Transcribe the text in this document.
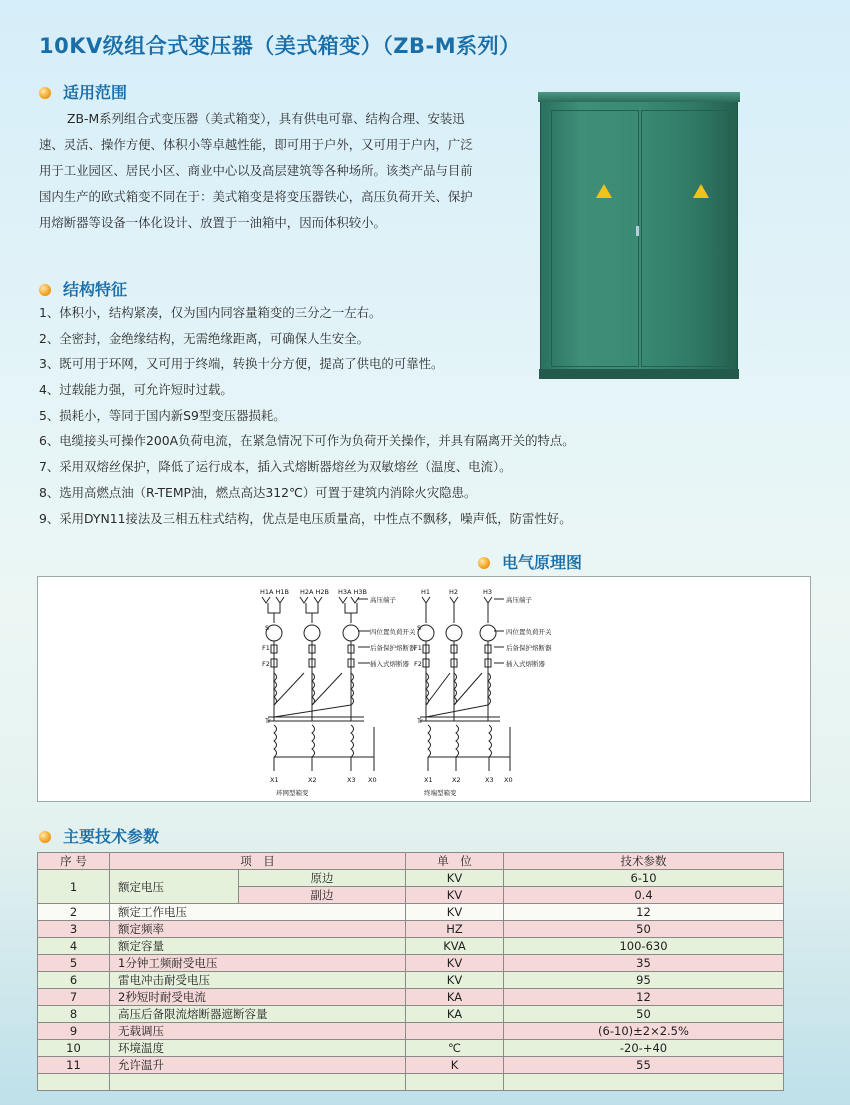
10KV级组合式变压器（美式箱变）（ZB-M系列）
适用范围
ZB-M系列组合式变压器（美式箱变），具有供电可靠、结构合理、安装迅速、灵活、操作方便、体积小等卓越性能，即可用于户外，又可用于户内，广泛用于工业园区、居民小区、商业中心以及高层建筑等各种场所。该类产品与目前国内生产的欧式箱变不同在于：美式箱变是将变压器铁心，高压负荷开关、保护用熔断器等设备一体化设计、放置于一油箱中，因而体积较小。
结构特征
1、体积小，结构紧凑，仅为国内同容量箱变的三分之一左右。
2、全密封，金绝缘结构，无需绝缘距离，可确保人生安全。
3、既可用于环网，又可用于终端，转换十分方便，提高了供电的可靠性。
4、过载能力强，可允许短时过载。
5、损耗小，等同于国内新S9型变压器损耗。
6、电缆接头可操作200A负荷电流，在紧急情况下可作为负荷开关操作，并具有隔离开关的特点。
7、采用双熔丝保护，降低了运行成本，插入式熔断器熔丝为双敏熔丝（温度、电流）。
8、选用高燃点油（R-TEMP油，燃点高达312℃）可置于建筑内消除火灾隐患。
9、采用DYN11接法及三相五柱式结构，优点是电压质量高，中性点不飘移，噪声低，防雷性好。
电气原理图
H1A H1B H2A H2B H3A H3B
高压端子
S	四位置负荷开关
F1	后备保护熔断器
F2	插入式熔断器
Tr
X1	X2	X3 X0
环网型箱变
H1	H2	H3
高压端子
S	四位置负荷开关
F1	后备保护熔断器
F2	插入式熔断器
Tr
X1	X2	X3 X0
终端型箱变
主要技术参数
序 号	项　目		单　位	技术参数
1	额定电压	原边	KV	6-10
		副边	KV	0.4
2	额定工作电压		KV	12
3	额定频率		HZ	50
4	额定容量		KVA	100-630
5	1分钟工频耐受电压		KV	35
6	雷电冲击耐受电压		KV	95
7	2秒短时耐受电流		KA	12
8	高压后备限流熔断器遮断容量		KA	50
9	无载调压			(6-10)±2×2.5%
10	环境温度		℃	-20-+40
11	允许温升		K	55
